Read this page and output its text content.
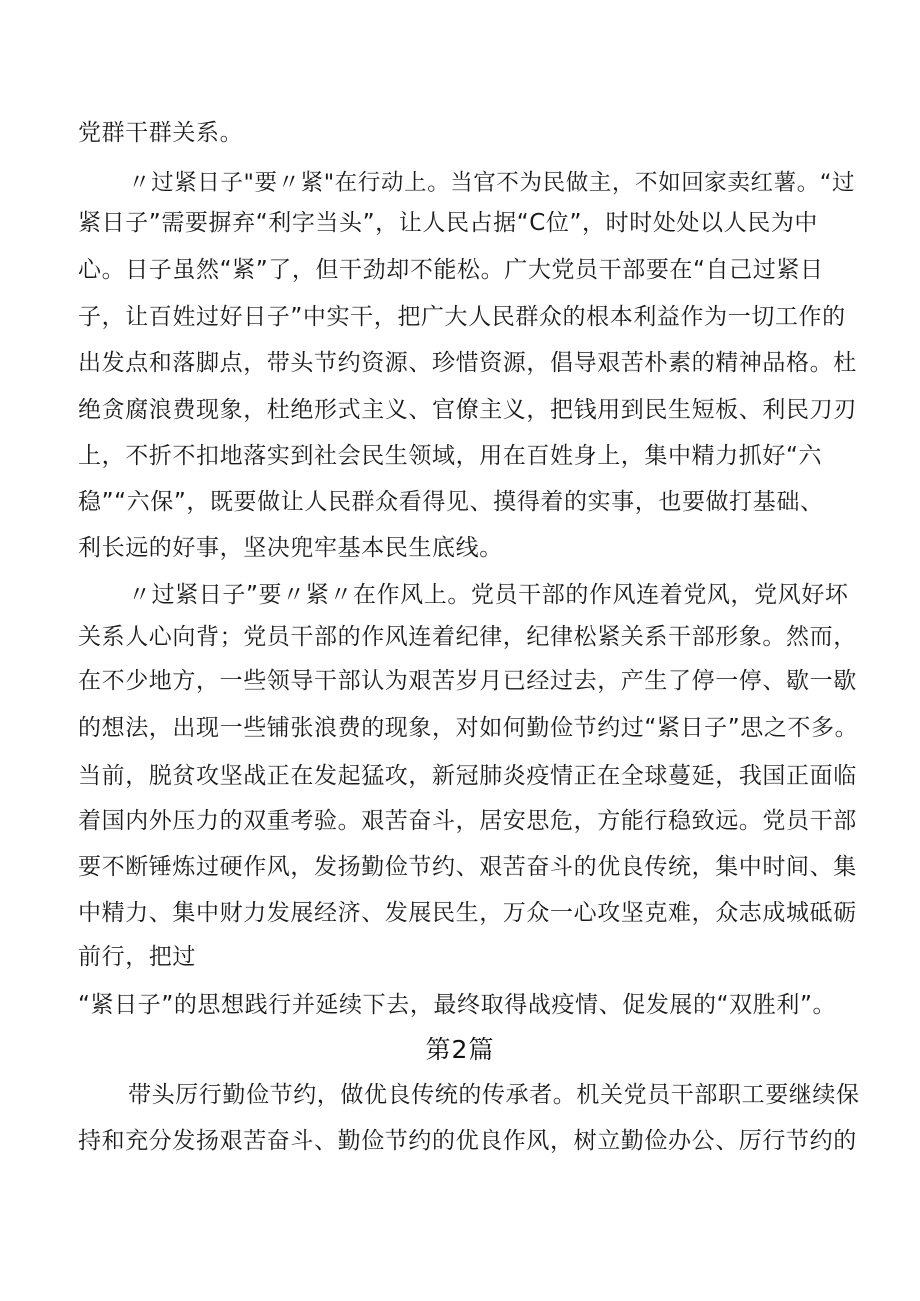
党群干群关系。
〃过紧日子"要〃紧"在行动上。当官不为民做主，不如回家卖红薯。“过
紧日子”需要摒弃“利字当头”，让人民占据“C位”，时时处处以人民为中
心。日子虽然“紧”了，但干劲却不能松。广大党员干部要在“自己过紧日
子，让百姓过好日子”中实干，把广大人民群众的根本利益作为一切工作的
出发点和落脚点，带头节约资源、珍惜资源，倡导艰苦朴素的精神品格。杜
绝贪腐浪费现象，杜绝形式主义、官僚主义，把钱用到民生短板、利民刀刃
上，不折不扣地落实到社会民生领域，用在百姓身上，集中精力抓好“六
稳”“六保”，既要做让人民群众看得见、摸得着的实事，也要做打基础、
利长远的好事，坚决兜牢基本民生底线。
〃过紧日子”要〃紧〃在作风上。党员干部的作风连着党风，党风好坏
关系人心向背；党员干部的作风连着纪律，纪律松紧关系干部形象。然而，
在不少地方，一些领导干部认为艰苦岁月已经过去，产生了停一停、歇一歇
的想法，出现一些铺张浪费的现象，对如何勤俭节约过“紧日子”思之不多。
当前，脱贫攻坚战正在发起猛攻，新冠肺炎疫情正在全球蔓延，我国正面临
着国内外压力的双重考验。艰苦奋斗，居安思危，方能行稳致远。党员干部
要不断锤炼过硬作风，发扬勤俭节约、艰苦奋斗的优良传统，集中时间、集
中精力、集中财力发展经济、发展民生，万众一心攻坚克难，众志成城砥砺
前行，把过
“紧日子”的思想践行并延续下去，最终取得战疫情、促发展的“双胜利”。
第2篇
带头厉行勤俭节约，做优良传统的传承者。机关党员干部职工要继续保
持和充分发扬艰苦奋斗、勤俭节约的优良作风，树立勤俭办公、厉行节约的
